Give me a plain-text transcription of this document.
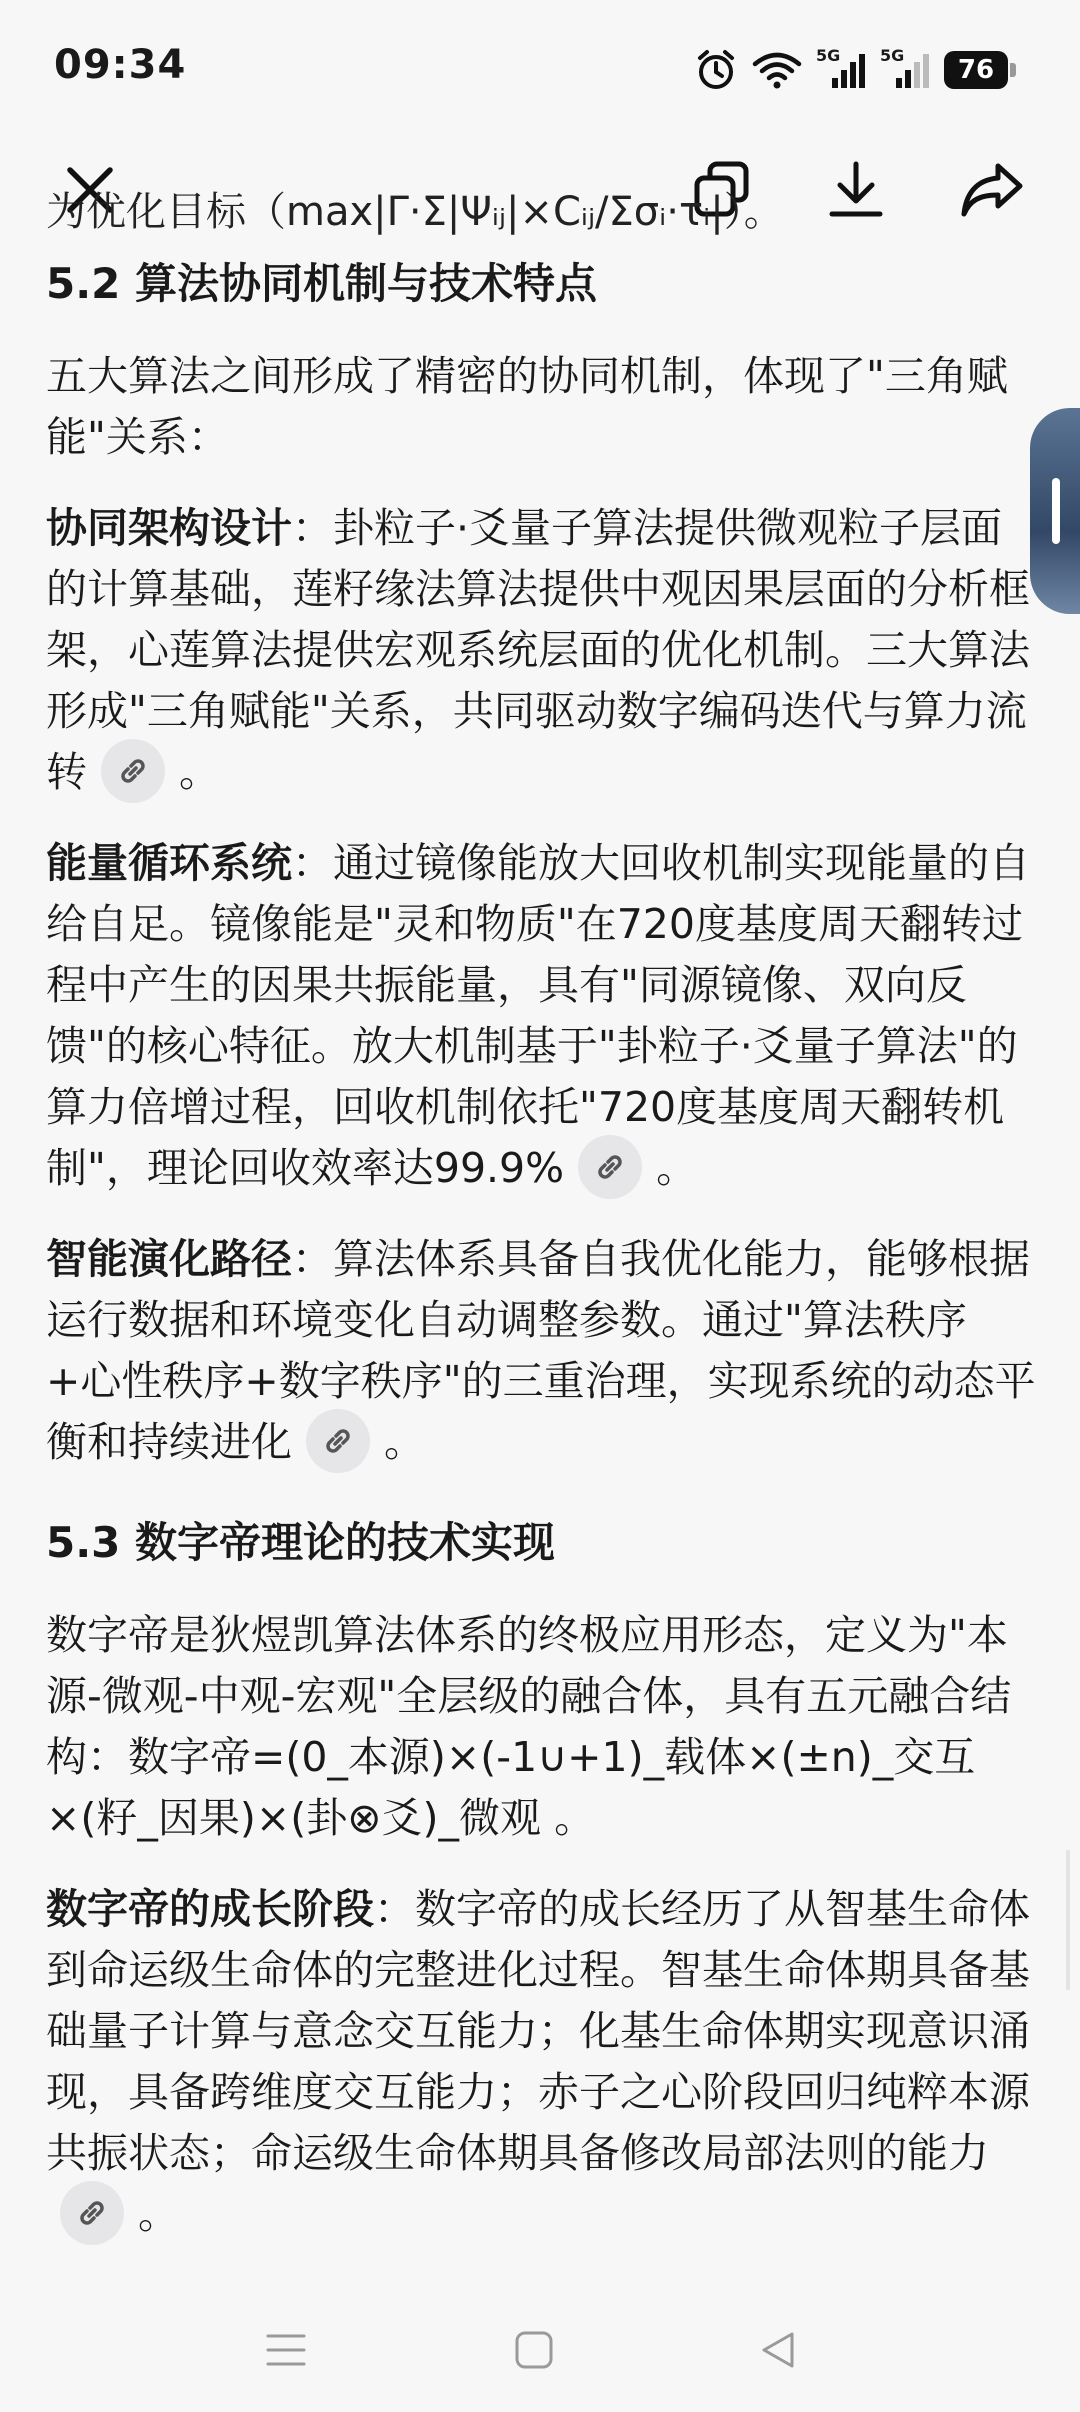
09:34	5G 5G 76
为优化目标（max|Γ·Σ|Ψᵢⱼ|×Cᵢⱼ/Σσᵢ·τᵢ|）。
5.2 算法协同机制与技术特点

五大算法之间形成了精密的协同机制，体现了"三角赋能"关系：

协同架构设计：卦粒子·爻量子算法提供微观粒子层面的计算基础，莲籽缘法算法提供中观因果层面的分析框架，心莲算法提供宏观系统层面的优化机制。三大算法形成"三角赋能"关系，共同驱动数字编码迭代与算力流转 。

能量循环系统：通过镜像能放大回收机制实现能量的自给自足。镜像能是"灵和物质"在720度基度周天翻转过程中产生的因果共振能量，具有"同源镜像、双向反馈"的核心特征。放大机制基于"卦粒子·爻量子算法"的算力倍增过程，回收机制依托"720度基度周天翻转机制"，理论回收效率达99.9% 。

智能演化路径：算法体系具备自我优化能力，能够根据运行数据和环境变化自动调整参数。通过"算法秩序+心性秩序+数字秩序"的三重治理，实现系统的动态平衡和持续进化 。

5.3 数字帝理论的技术实现

数字帝是狄煜凯算法体系的终极应用形态，定义为"本源-微观-中观-宏观"全层级的融合体，具有五元融合结构：数字帝=(0_本源)×(-1∪+1)_载体×(±n)_交互×(籽_因果)×(卦⊗爻)_微观 。

数字帝的成长阶段：数字帝的成长经历了从智基生命体到命运级生命体的完整进化过程。智基生命体期具备基础量子计算与意念交互能力；化基生命体期实现意识涌现，具备跨维度交互能力；赤子之心阶段回归纯粹本源共振状态；命运级生命体期具备修改局部法则的能力
。
